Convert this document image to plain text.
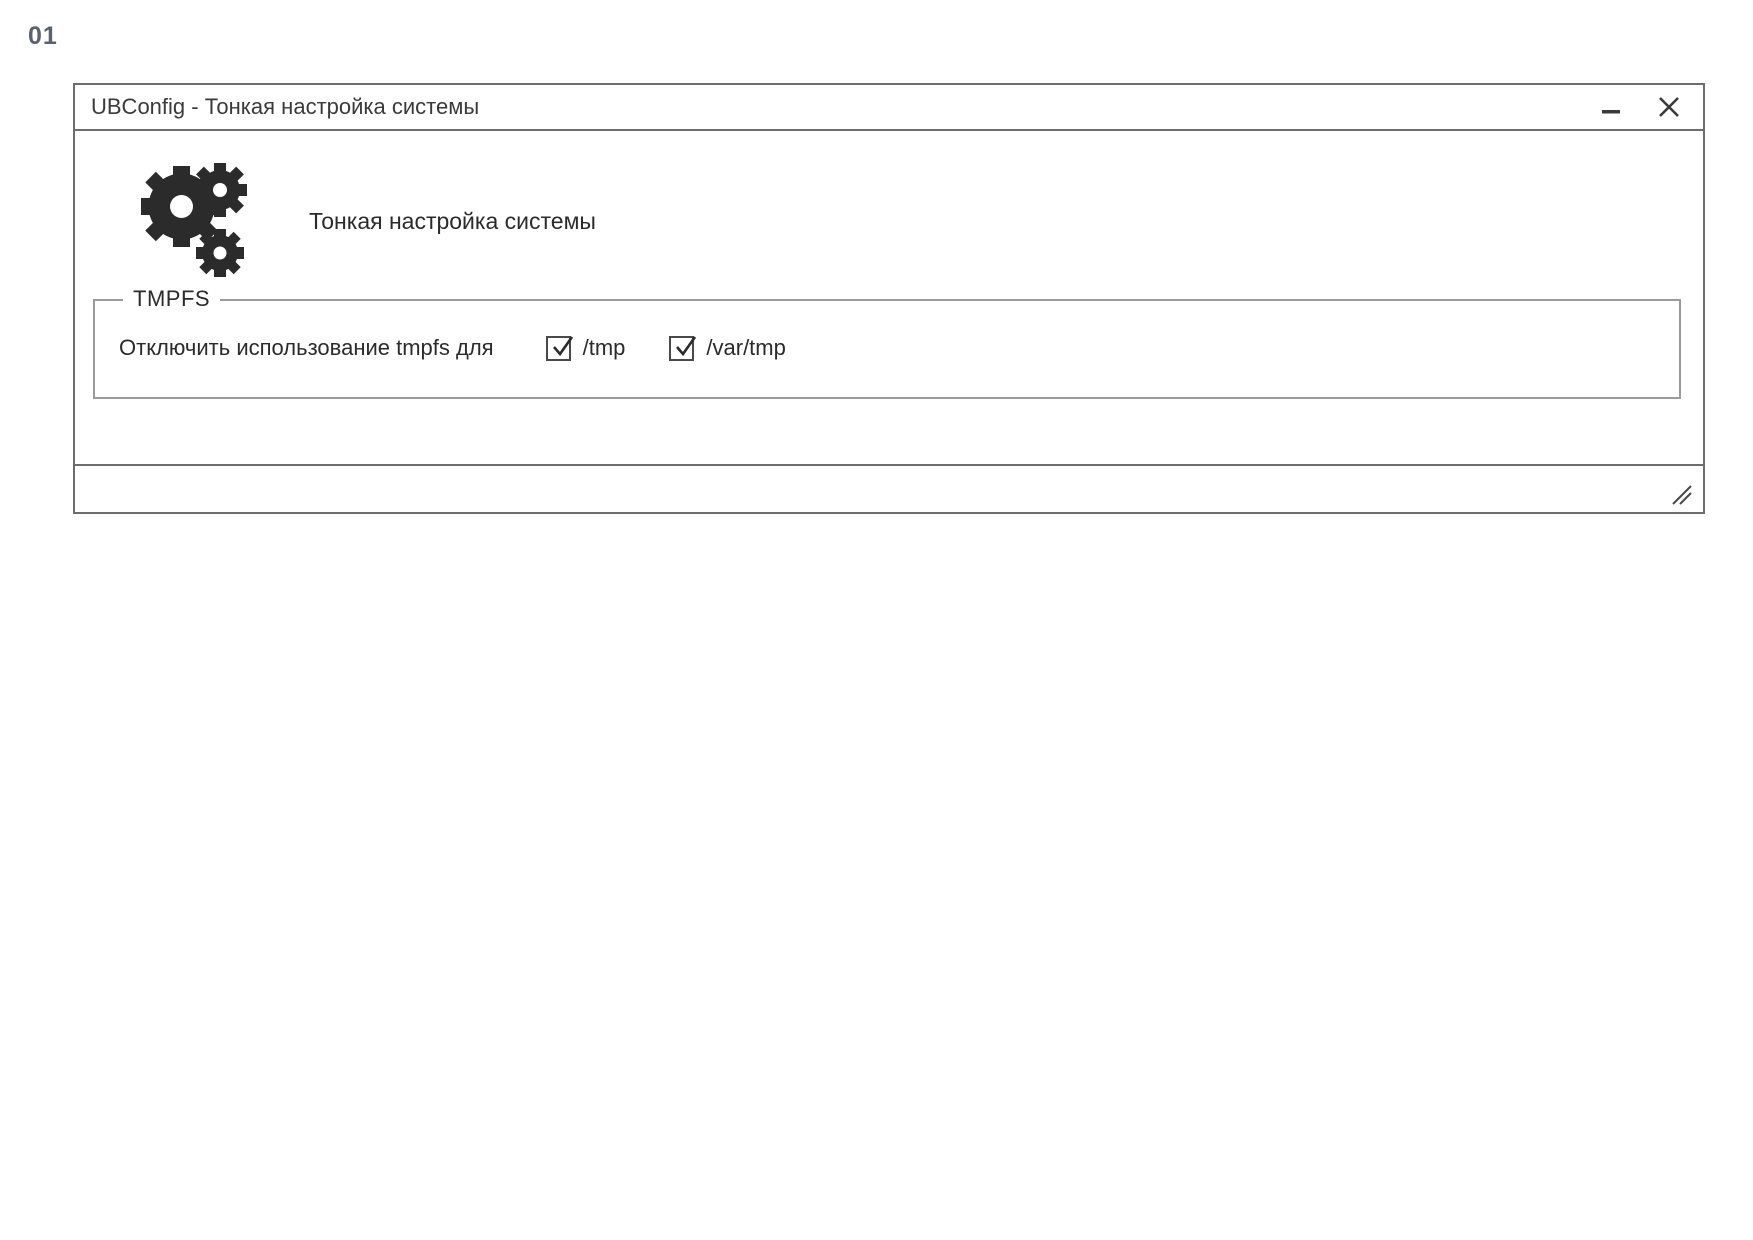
01
UBConfig - Тонкая настройка системы
Тонкая настройка системы
TMPFS
Отключить использование tmpfs для	/tmp	/var/tmp
